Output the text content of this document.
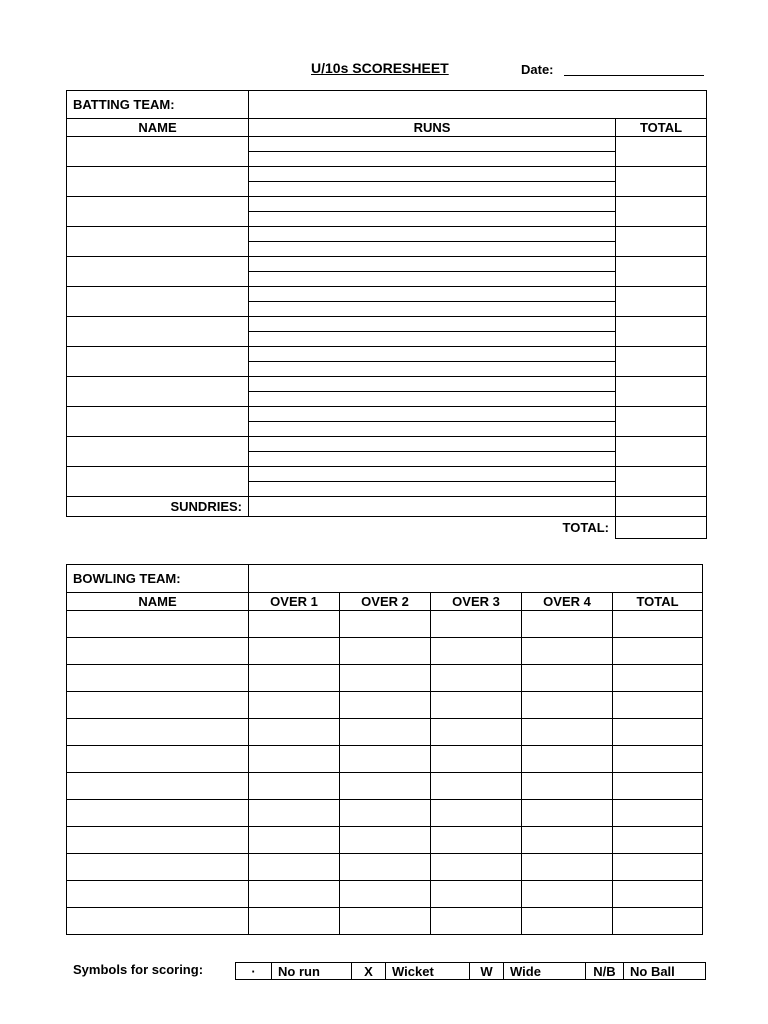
U/10s SCORESHEET	Date:
BATTING TEAM:		
NAME	RUNS	TOTAL

SUNDRIES:		
	TOTAL:	
BOWLING TEAM:					
NAME	OVER 1	OVER 2	OVER 3	OVER 4	TOTAL

Symbols for scoring:	·	No run	X	Wicket	W	Wide	N/B	No Ball
